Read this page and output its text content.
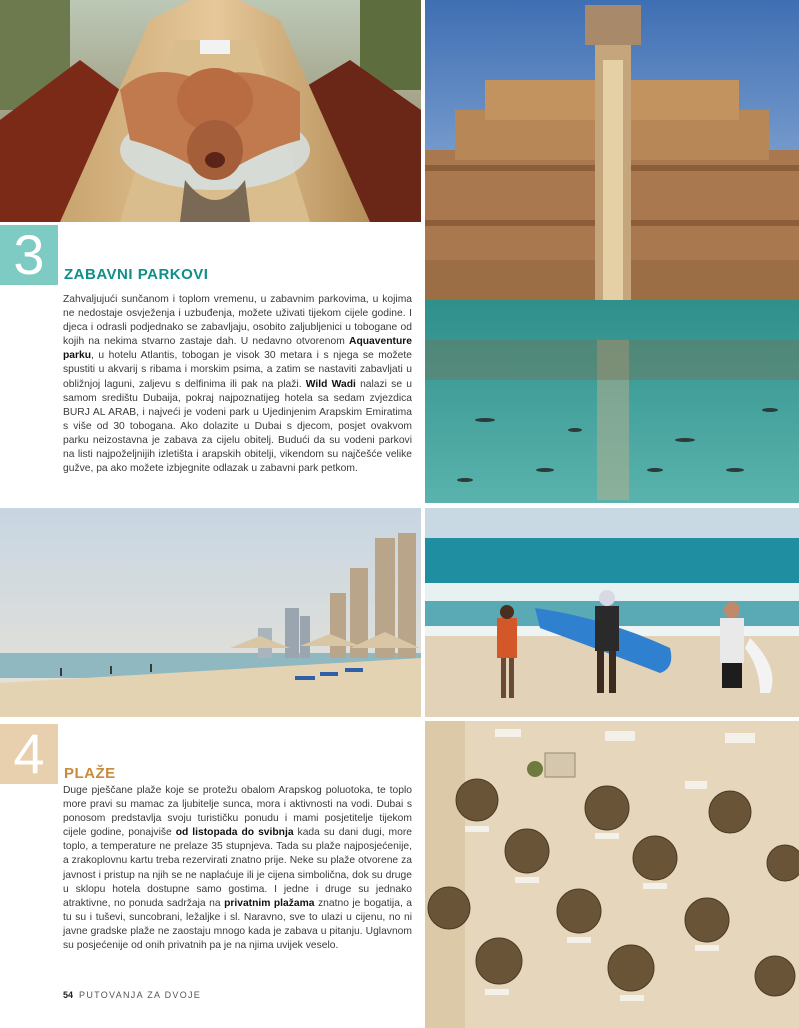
3	ZABAVNI PARKOVI

Zahvaljujući sunčanom i toplom vremenu, u zabavnim parkovima, u kojima ne nedostaje osvježenja i uzbuđenja, možete uživati tijekom cijele godine. I djeca i odrasli podjednako se zabavljaju, osobito zaljubljenici u tobogane od kojih na nekima stvarno zastaje dah. U nedavno otvorenom Aquaventure parku, u hotelu Atlantis, tobogan je visok 30 metara i s njega se možete spustiti u akvarij s ribama i morskim psima, a zatim se nastaviti zabavljati u obližnjoj laguni, zaljevu s delfinima ili pak na plaži. Wild Wadi nalazi se u samom središtu Dubaija, pokraj najpoznatijeg hotela sa sedam zvjezdica BURJ AL ARAB, i najveći je vodeni park u Ujedinjenim Arapskim Emiratima s više od 30 tobogana. Ako dolazite u Dubai s djecom, posjet ovakvom parku neizostavna je zabava za cijelu obitelj. Budući da su vodeni parkovi na listi najpoželjnijih izletišta i arapskih obitelji, vikendom su najčešće velike gužve, pa ako možete izbjegnite odlazak u zabavni park petkom.

4	PLAŽE

Duge pješčane plaže koje se protežu obalom Arapskog poluotoka, te toplo more pravi su mamac za ljubitelje sunca, mora i aktivnosti na vodi. Dubai s ponosom predstavlja svoju turističku ponudu i mami posjetitelje tijekom cijele godine, ponajviše od listopada do svibnja kada su dani dugi, more toplo, a temperature ne prelaze 35 stupnjeva. Tada su plaže najposjećenije, a zrakoplovnu kartu treba rezervirati znatno prije. Neke su plaže otvorene za javnost i pristup na njih se ne naplaćuje ili je cijena simbolična, dok su druge u sklopu hotela dostupne samo gostima. I jedne i druge su jednako atraktivne, no ponuda sadržaja na privatnim plažama znatno je bogatija, a tu su i tuševi, suncobrani, ležaljke i sl. Naravno, sve to ulazi u cijenu, no ni javne gradske plaže ne zaostaju mnogo kada je zabava u pitanju. Uglavnom su posjećenije od onih privatnih pa je na njima uvijek veselo.

54 PUTOVANJA ZA DVOJE
